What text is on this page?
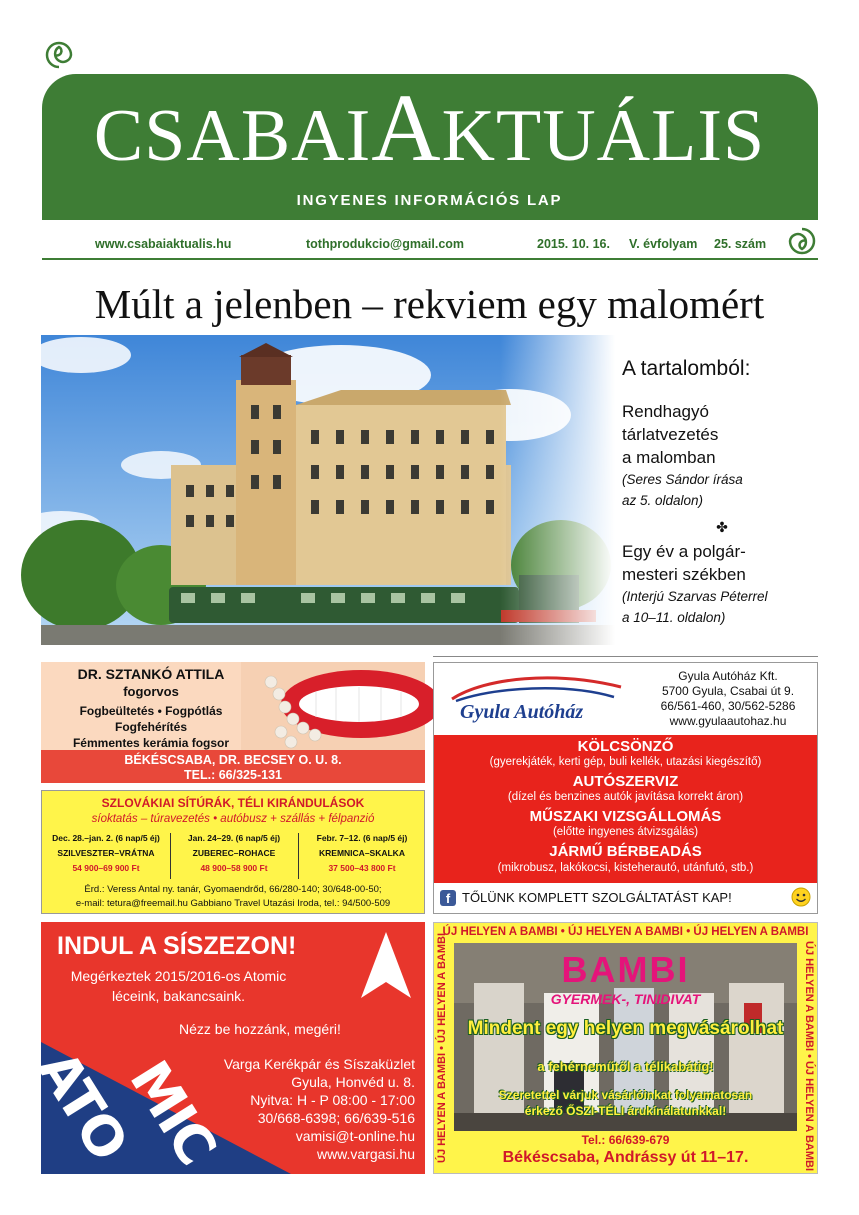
CSABAIAKTUÁLIS
INGYENES INFORMÁCIÓS LAP
www.csabaiaktualis.hu	tothprodukcio@gmail.com	2015. 10. 16. V. évfolyam 25. szám
Múlt a jelenben – rekviem egy malomért
A tartalomból:
Rendhagyó
tárlatvezetés
a malomban
(Seres Sándor írása
az 5. oldalon)
✤
Egy év a polgár-
mesteri székben
(Interjú Szarvas Péterrel
a 10–11. oldalon)
DR. SZTANKÓ ATTILA
fogorvos
Fogbeültetés • Fogpótlás
Fogfehérítés
Fémmentes kerámia fogsor
BÉKÉSCSABA, DR. BECSEY O. U. 8.
TEL.: 66/325-131
SZLOVÁKIAI SÍTÚRÁK, TÉLI KIRÁNDULÁSOK
síoktatás – túravezetés • autóbusz + szállás + félpanzió
Dec. 28.–jan. 2. (6 nap/5 éj)
SZILVESZTER–VRÁTNA
54 900–69 900 Ft
Jan. 24–29. (6 nap/5 éj)
ZUBEREC–ROHACE
48 900–58 900 Ft
Febr. 7–12. (6 nap/5 éj)
KREMNICA–SKALKA
37 500–43 800 Ft
Érd.: Veress Antal ny. tanár, Gyomaendrőd, 66/280-140; 30/648-00-50;
e-mail: tetura@freemail.hu Gabbiano Travel Utazási Iroda, tel.: 94/500-509
Gyula Autóház
Gyula Autóház Kft.
5700 Gyula, Csabai út 9.
66/561-460, 30/562-5286
www.gyulaautohaz.hu
KÖLCSÖNZŐ
(gyerekjáték, kerti gép, buli kellék, utazási kiegészítő)
AUTÓSZERVIZ
(dízel és benzines autók javítása korrekt áron)
MŰSZAKI VIZSGÁLLOMÁS
(előtte ingyenes átvizsgálás)
JÁRMŰ BÉRBEADÁS
(mikrobusz, lakókocsi, kisteherautó, utánfutó, stb.)
f TŐLÜNK KOMPLETT SZOLGÁLTATÁST KAP!
ATO
MIC
INDUL A SÍSZEZON!
Megérkeztek 2015/2016-os Atomic
léceink, bakancsaink.
Nézz be hozzánk, megéri!
Varga Kerékpár és Síszaküzlet
Gyula, Honvéd u. 8.
Nyitva: H - P 08:00 - 17:00
30/668-6398; 66/639-516
vamisi@t-online.hu
www.vargasi.hu
ÚJ HELYEN A BAMBI • ÚJ HELYEN A BAMBI • ÚJ HELYEN A BAMBI
ÚJ HELYEN A BAMBI • ÚJ HELYEN A BAMBI	ÚJ HELYEN A BAMBI • ÚJ HELYEN A BAMBI
BAMBI
GYERMEK-, TINIDIVAT
Mindent egy helyen megvásárolhat
a fehérneműtől a télikabátig!
Szeretettel várjuk vásárlóinkat folyamatosan
érkező ŐSZI-TÉLI árukínálatunkkal!
Tel.: 66/639-679
Békéscsaba, Andrássy út 11–17.
